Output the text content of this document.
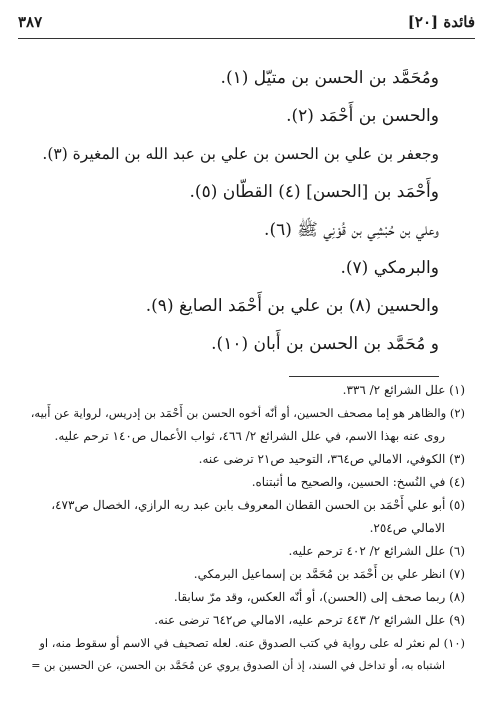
فائدة [٢٠]
٣٨٧
ومُحَمَّد بن الحسن بن متيّل (١).
والحسن بن أَحْمَد (٢).
وجعفر بن علي بن الحسن بن علي بن عبد الله بن المغيرة (٣).
وأَحْمَد بن [الحسن] (٤) القطّان (٥).
وعلي بن حُبْشِي بن قُوْنِي ﷺ (٦).
والبرمكي (٧).
والحسين (٨) بن علي بن أَحْمَد الصايغ (٩).
و مُحَمَّد بن الحسن بن أَبان (١٠).
(١) علل الشرائع ٢/ ٣٣٦.
(٢) والظاهر هو إما مصحف الحسين، أو أنّه أخوه الحسن بن أَحْمَد بن إدريس، لرواية عن أَبيه،
روى عنه بهذا الاسم، في علل الشرائع ٢/ ٤٦٦، ثواب الأعمال ص١٤٠ ترحم عليه.
(٣) الكوفي، الامالي ص٣٦٤، التوحيد ص٢١ ترضى عنه.
(٤) في النُسخ: الحسين، والصحيح ما أثبتناه.
(٥) أبو علي أَحْمَد بن الحسن القطان المعروف بابن عبد ربه الرازي، الخصال ص٤٧٣،
الامالي ص٢٥٤.
(٦) علل الشرائع ٢/ ٤٠٢ ترحم عليه.
(٧) انظر علي بن أَحْمَد بن مُحَمَّد بن إسماعيل البرمكي.
(٨) ربما صحف إلى (الحسن)، أو أنّه العكس، وقد مرّ سابقا.
(٩) علل الشرائع ٢/ ٤٤٣ ترحم عليه، الامالي ص٦٤٢ ترضى عنه.
(١٠) لم نعثر له على رواية في كتب الصدوق عنه. لعله تصحيف في الاسم أو سقوط منه، او
اشتباه به، أو تداخل في السند، إذ أن الصدوق يروي عن مُحَمَّد بن الحسن، عن الحسين بن =
